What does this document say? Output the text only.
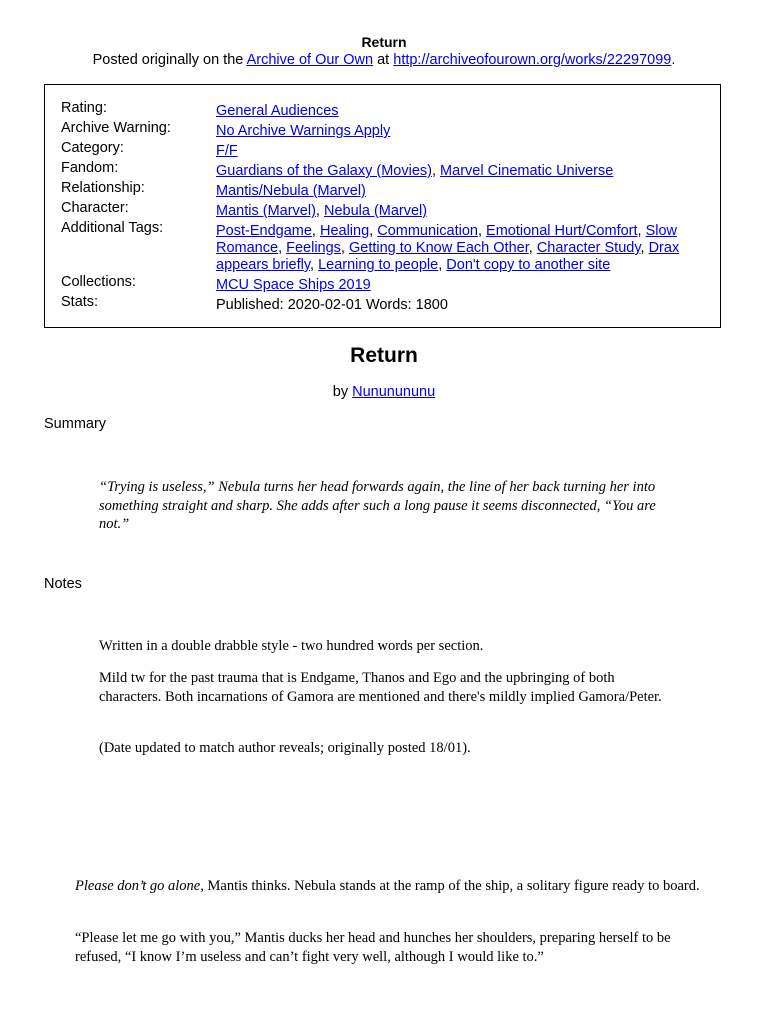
Return
Posted originally on the Archive of Our Own at http://archiveofourown.org/works/22297099.
Rating:	General Audiences
Archive Warning:	No Archive Warnings Apply
Category:	F/F
Fandom:	Guardians of the Galaxy (Movies), Marvel Cinematic Universe
Relationship:	Mantis/Nebula (Marvel)
Character:	Mantis (Marvel), Nebula (Marvel)
Additional Tags:	Post-Endgame, Healing, Communication, Emotional Hurt/Comfort, Slow Romance, Feelings, Getting to Know Each Other, Character Study, Drax appears briefly, Learning to people, Don't copy to another site
Collections:	MCU Space Ships 2019
Stats:	Published: 2020-02-01 Words: 1800
Return
by Nununununu
Summary
“Trying is useless,” Nebula turns her head forwards again, the line of her back turning her into something straight and sharp. She adds after such a long pause it seems disconnected, “You are not.”
Notes
Written in a double drabble style - two hundred words per section.
Mild tw for the past trauma that is Endgame, Thanos and Ego and the upbringing of both characters. Both incarnations of Gamora are mentioned and there's mildly implied Gamora/Peter.
(Date updated to match author reveals; originally posted 18/01).
Please don’t go alone, Mantis thinks. Nebula stands at the ramp of the ship, a solitary figure ready to board.
“Please let me go with you,” Mantis ducks her head and hunches her shoulders, preparing herself to be refused, “I know I’m useless and can’t fight very well, although I would like to.”
